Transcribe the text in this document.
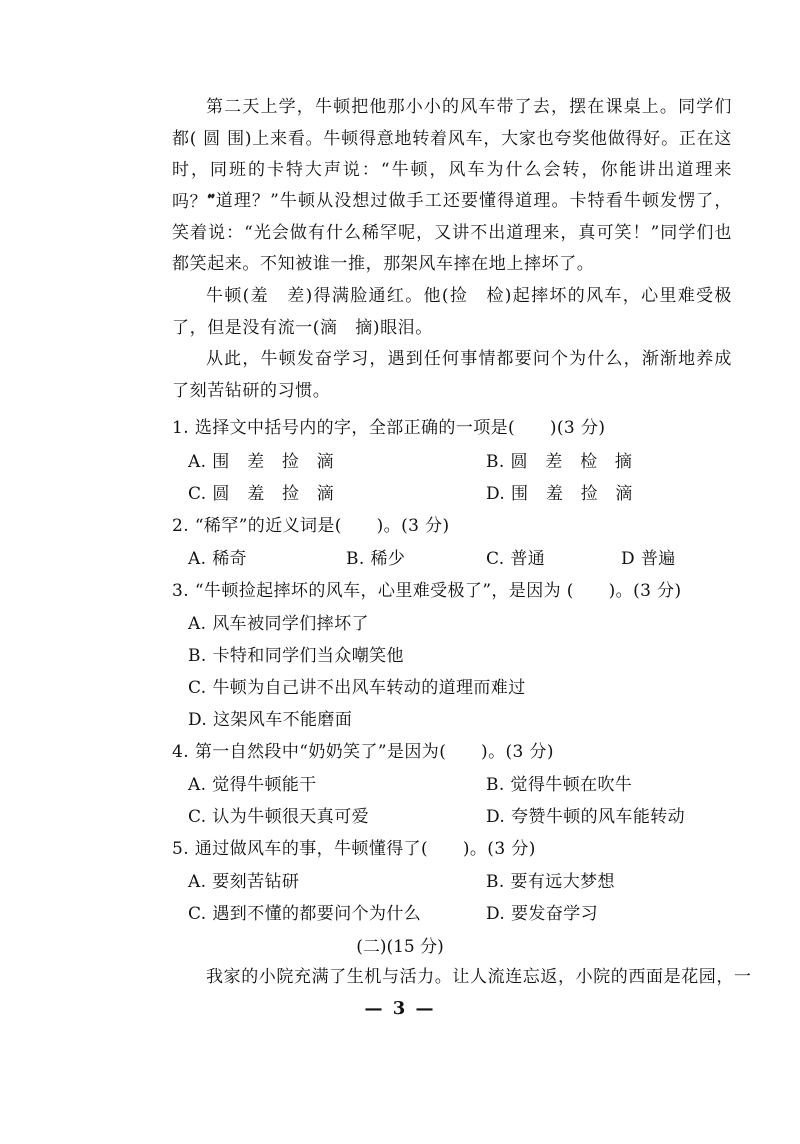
第二天上学，牛顿把他那小小的风车带了去，摆在课桌上。同学们都( 圆 围)上来看。牛顿得意地转着风车，大家也夸奖他做得好。正在这时，同班的卡特大声说：“牛顿，风车为什么会转，你能讲出道理来吗？”
“道理？”牛顿从没想过做手工还要懂得道理。卡特看牛顿发愣了，笑着说：“光会做有什么稀罕呢，又讲不出道理来，真可笑！”同学们也都笑起来。不知被谁一推，那架风车摔在地上摔坏了。
牛顿(羞　差)得满脸通红。他(捡　检)起摔坏的风车，心里难受极了，但是没有流一(滴　摘)眼泪。
从此，牛顿发奋学习，遇到任何事情都要问个为什么，渐渐地养成了刻苦钻研的习惯。
1. 选择文中括号内的字，全部正确的一项是(　　)(3 分)
A. 围　差　捡　滴	B. 圆　差　检　摘
C. 圆　羞　捡　滴	D. 围　羞　捡　滴
2. “稀罕”的近义词是(　　)。(3 分)
A. 稀奇	B. 稀少	C. 普通	D 普遍
3. “牛顿捡起摔坏的风车，心里难受极了”，是因为 (　　)。(3 分)
A. 风车被同学们摔坏了
B. 卡特和同学们当众嘲笑他
C. 牛顿为自己讲不出风车转动的道理而难过
D. 这架风车不能磨面
4. 第一自然段中“奶奶笑了”是因为(　　)。(3 分)
A. 觉得牛顿能干	B. 觉得牛顿在吹牛
C. 认为牛顿很天真可爱	D. 夸赞牛顿的风车能转动
5. 通过做风车的事，牛顿懂得了(　　)。(3 分)
A. 要刻苦钻研	B. 要有远大梦想
C. 遇到不懂的都要问个为什么	D. 要发奋学习
(二)(15 分)
我家的小院充满了生机与活力。让人流连忘返，小院的西面是花园，一
— 3 —
